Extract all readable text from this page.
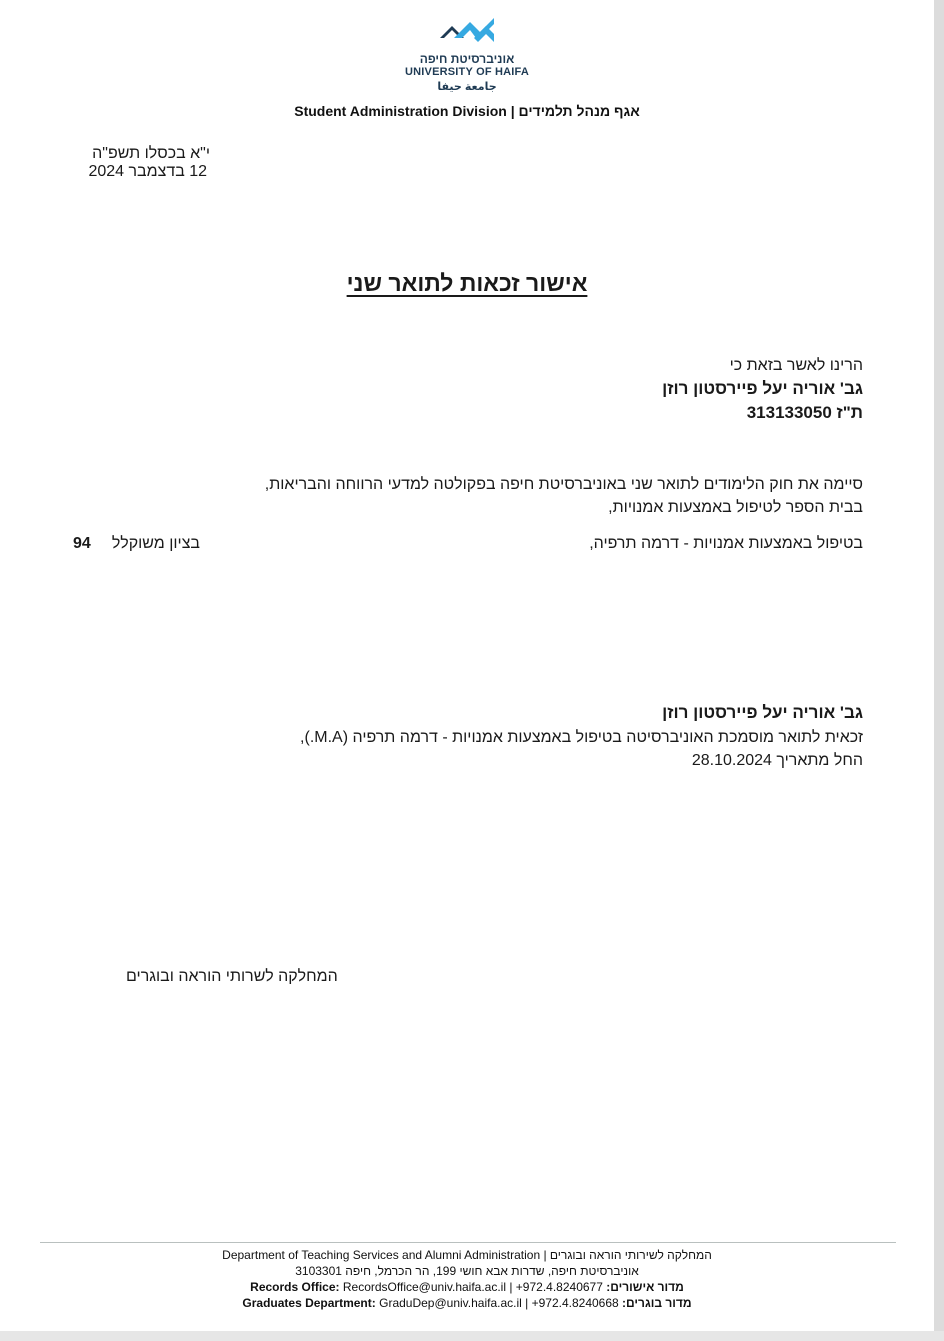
אוניברסיטת חיפה
UNIVERSITY OF HAIFA
جامعة حيفا
Student Administration Division | אגף מנהל תלמידים
י"א בכסלו תשפ"ה
12 בדצמבר 2024
אישור זכאות לתואר שני
הרינו לאשר בזאת כי
גב' אוריה יעל פיירסטון רוזן
ת"ז 313133050
סיימה את חוק הלימודים לתואר שני באוניברסיטת חיפה בפקולטה למדעי הרווחה והבריאות,
בבית הספר לטיפול באמצעות אמנויות,
בטיפול באמצעות אמנויות - דרמה תרפיה,
בציון משוקלל
94
גב' אוריה יעל פיירסטון רוזן
זכאית לתואר מוסמכת האוניברסיטה בטיפול באמצעות אמנויות - דרמה תרפיה (M.A.),
החל מתאריך 28.10.2024
המחלקה לשרותי הוראה ובוגרים
Department of Teaching Services and Alumni Administration | המחלקה לשירותי הוראה ובוגרים
אוניברסיטת חיפה, שדרות אבא חושי 199, הר הכרמל, חיפה 3103301
Records Office: RecordsOffice@univ.haifa.ac.il | +972.4.8240677 מדור אישורים:
Graduates Department: GraduDep@univ.haifa.ac.il | +972.4.8240668 מדור בוגרים:
